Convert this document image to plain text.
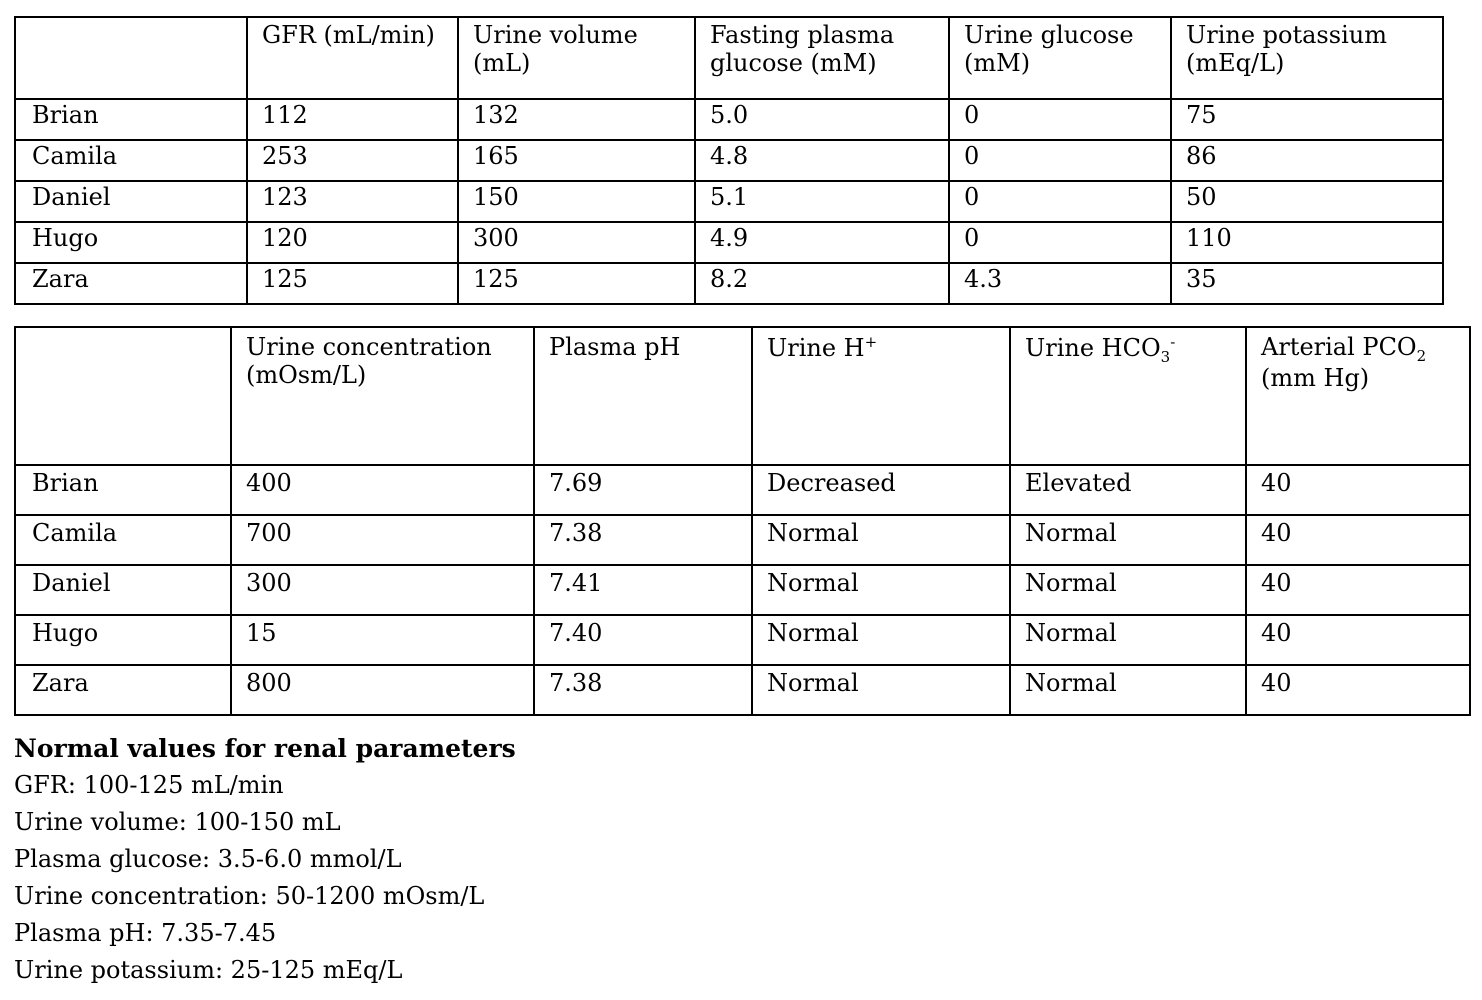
	GFR (mL/min)	Urine volume (mL)	Fasting plasma glucose (mM)	Urine glucose (mM)	Urine potassium (mEq/L)
Brian	112	132	5.0	0	75
Camila	253	165	4.8	0	86
Daniel	123	150	5.1	0	50
Hugo	120	300	4.9	0	110
Zara	125	125	8.2	4.3	35
	Urine concentration (mOsm/L)	Plasma pH	Urine H+	Urine $HCO_3^-$	Arterial $PCO_2$
(mm Hg)
Brian	400	7.69	Decreased	Elevated	40
Camila	700	7.38	Normal	Normal	40
Daniel	300	7.41	Normal	Normal	40
Hugo	15	7.40	Normal	Normal	40
Zara	800	7.38	Normal	Normal	40
Normal values for renal parameters
GFR: 100-125 mL/min
Urine volume: 100-150 mL
Plasma glucose: 3.5-6.0 mmol/L
Urine concentration: 50-1200 mOsm/L
Plasma pH: 7.35-7.45
Urine potassium: 25-125 mEq/L
